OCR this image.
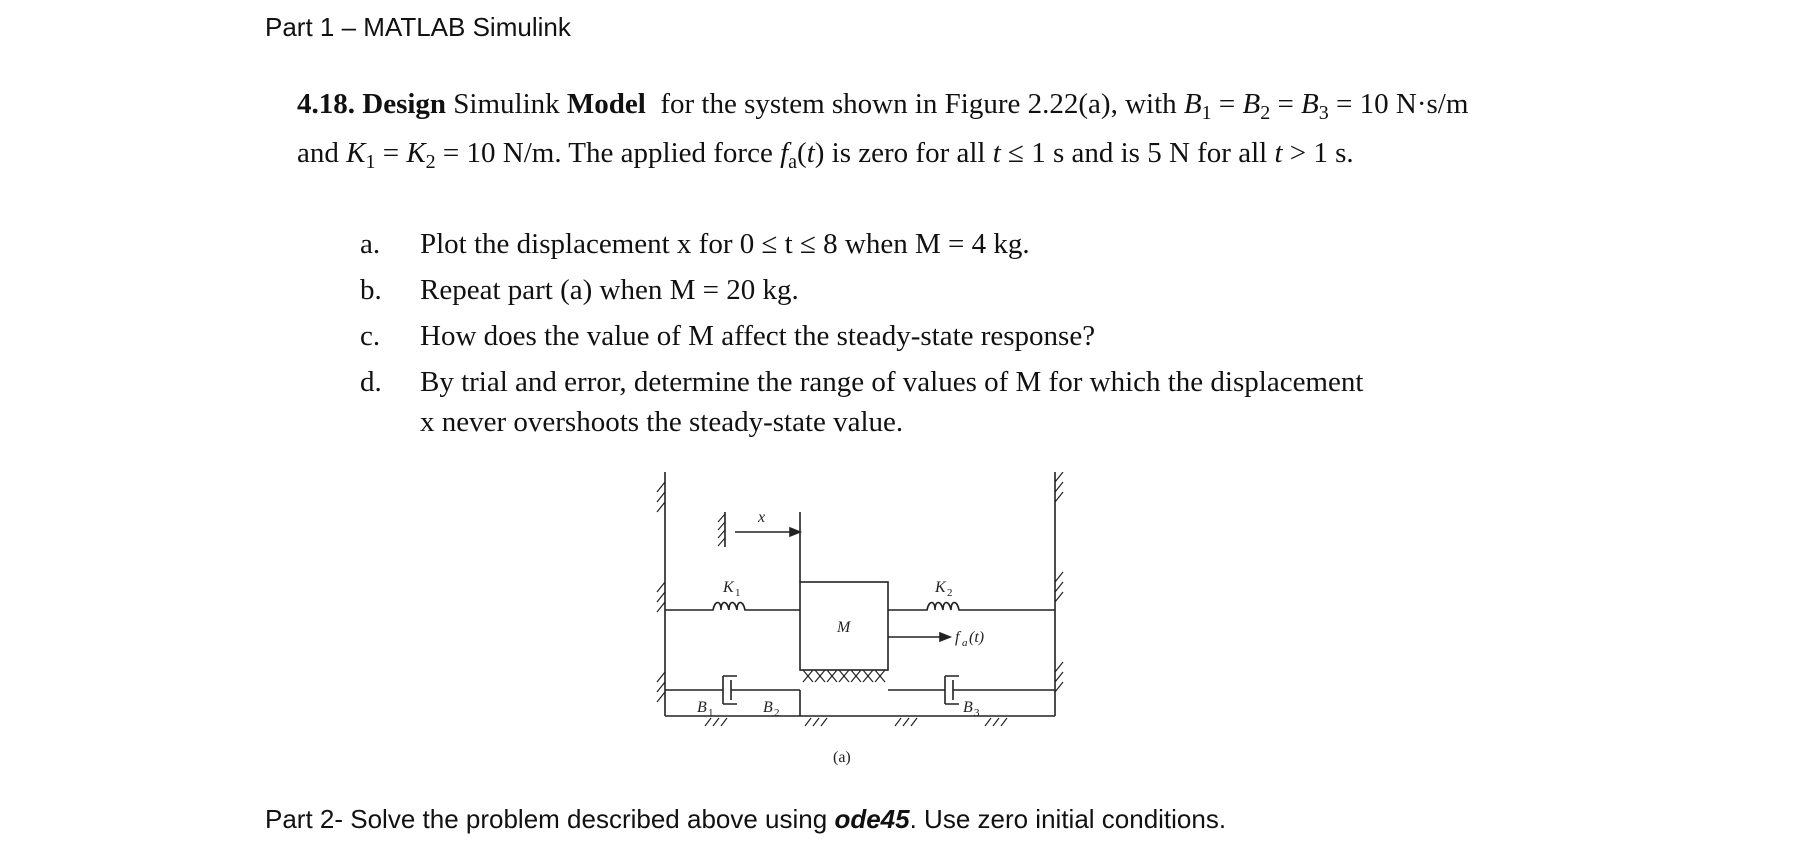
Part 1 – MATLAB Simulink
4.18. Design Simulink Model for the system shown in Figure 2.22(a), with $B_1 = B_2 = B_3 = 10$ N·s/m and $K_1 = K_2 = 10$ N/m. The applied force $f_a(t)$ is zero for all t ≤ 1 s and is 5 N for all t > 1 s.
a. Plot the displacement x for 0 ≤ t ≤ 8 when M = 4 kg.
b. Repeat part (a) when M = 20 kg.
c. How does the value of M affect the steady-state response?
d. By trial and error, determine the range of values of M for which the displacement
x never overshoots the steady-state value.
x
K 1	K 2
M
f a (t)
B 1	B 2	B 3
(a)
Part 2- Solve the problem described above using ode45. Use zero initial conditions.
